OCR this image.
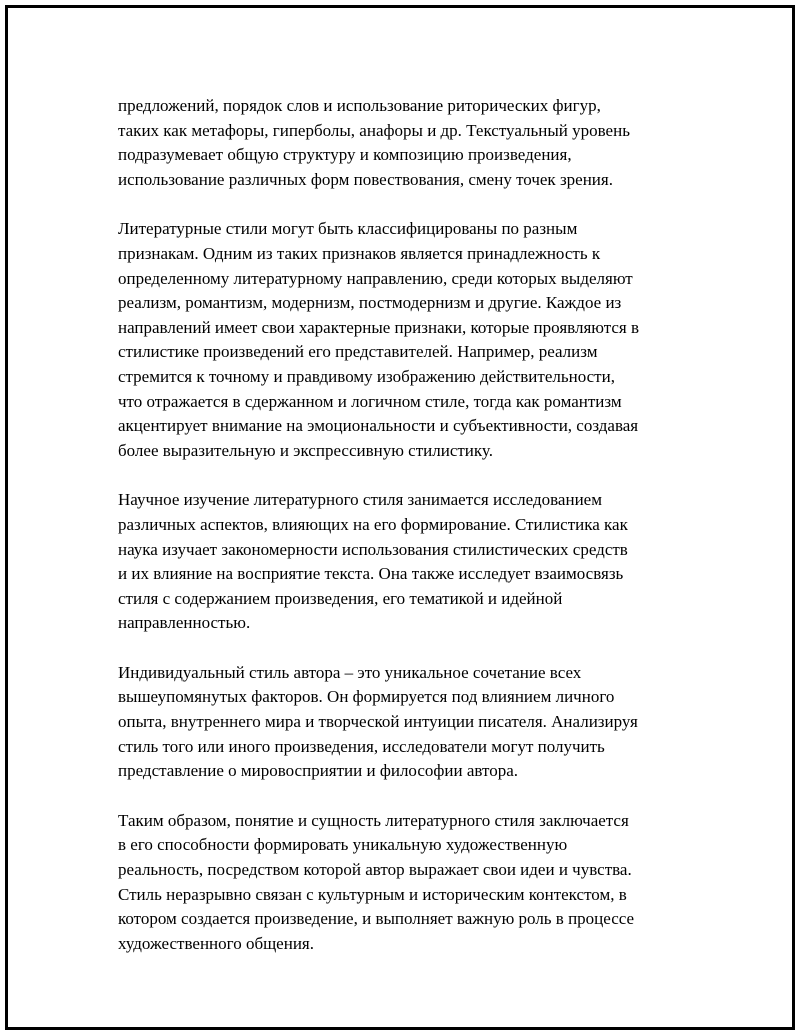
предложений, порядок слов и использование риторических фигур,
таких как метафоры, гиперболы, анафоры и др. Текстуальный уровень
подразумевает общую структуру и композицию произведения,
использование различных форм повествования, смену точек зрения.

Литературные стили могут быть классифицированы по разным
признакам. Одним из таких признаков является принадлежность к
определенному литературному направлению, среди которых выделяют
реализм, романтизм, модернизм, постмодернизм и другие. Каждое из
направлений имеет свои характерные признаки, которые проявляются в
стилистике произведений его представителей. Например, реализм
стремится к точному и правдивому изображению действительности,
что отражается в сдержанном и логичном стиле, тогда как романтизм
акцентирует внимание на эмоциональности и субъективности, создавая
более выразительную и экспрессивную стилистику.

Научное изучение литературного стиля занимается исследованием
различных аспектов, влияющих на его формирование. Стилистика как
наука изучает закономерности использования стилистических средств
и их влияние на восприятие текста. Она также исследует взаимосвязь
стиля с содержанием произведения, его тематикой и идейной
направленностью.

Индивидуальный стиль автора – это уникальное сочетание всех
вышеупомянутых факторов. Он формируется под влиянием личного
опыта, внутреннего мира и творческой интуиции писателя. Анализируя
стиль того или иного произведения, исследователи могут получить
представление о мировосприятии и философии автора.

Таким образом, понятие и сущность литературного стиля заключается
в его способности формировать уникальную художественную
реальность, посредством которой автор выражает свои идеи и чувства.
Стиль неразрывно связан с культурным и историческим контекстом, в
котором создается произведение, и выполняет важную роль в процессе
художественного общения.
